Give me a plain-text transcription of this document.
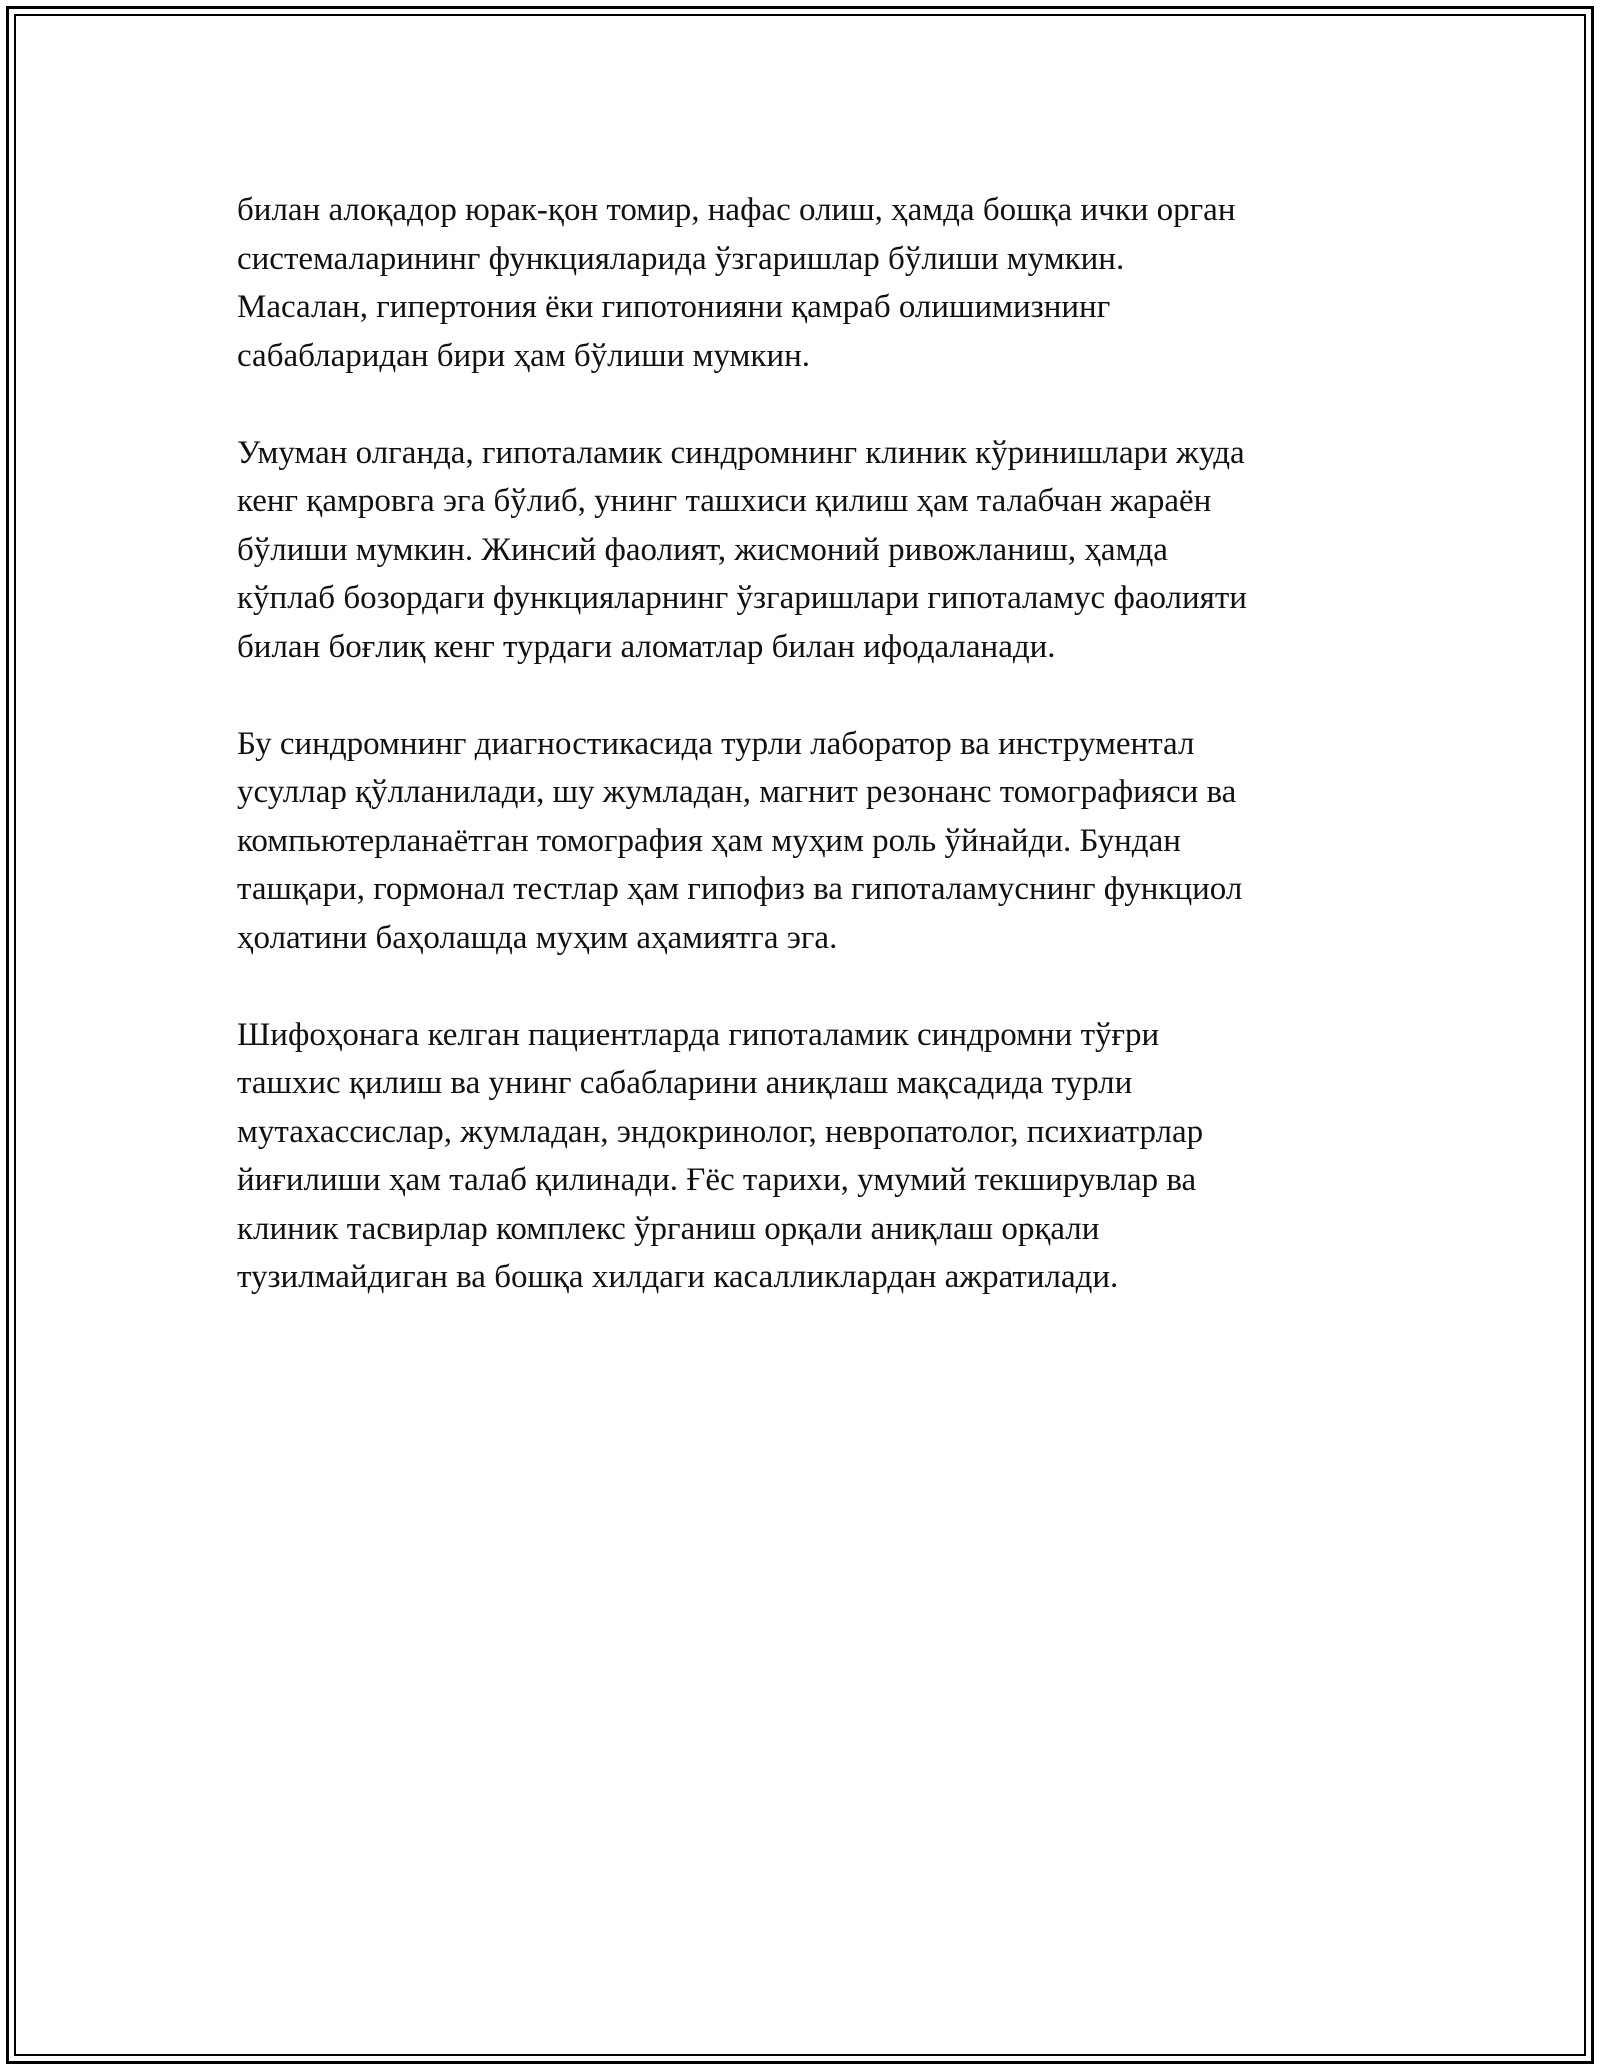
билан алоқадор юрак-қон томир, нафас олиш, ҳамда бошқа ички орган
системаларининг функцияларида ўзгаришлар бўлиши мумкин.
Масалан, гипертония ёки гипотонияни қамраб олишимизнинг
сабабларидан бири ҳам бўлиши мумкин.

Умуман олганда, гипоталамик синдромнинг клиник кўринишлари жуда
кенг қамровга эга бўлиб, унинг ташхиси қилиш ҳам талабчан жараён
бўлиши мумкин. Жинсий фаолият, жисмоний ривожланиш, ҳамда
кўплаб бозордаги функцияларнинг ўзгаришлари гипоталамус фаолияти
билан боғлиқ кенг турдаги аломатлар билан ифодаланади.

Бу синдромнинг диагностикасида турли лаборатор ва инструментал
усуллар қўлланилади, шу жумладан, магнит резонанс томографияси ва
компьютерланаётган томография ҳам муҳим роль ўйнайди. Бундан
ташқари, гормонал тестлар ҳам гипофиз ва гипоталамуснинг функциол
ҳолатини баҳолашда муҳим аҳамиятга эга.

Шифоҳонага келган пациентларда гипоталамик синдромни тўғри
ташхис қилиш ва унинг сабабларини аниқлаш мақсадида турли
мутахассислар, жумладан, эндокринолог, невропатолог, психиатрлар
йиғилиши ҳам талаб қилинади. Ғёс тарихи, умумий текширувлар ва
клиник тасвирлар комплекс ўрганиш орқали аниқлаш орқали
тузилмайдиган ва бошқа хилдаги касалликлардан ажратилади.
